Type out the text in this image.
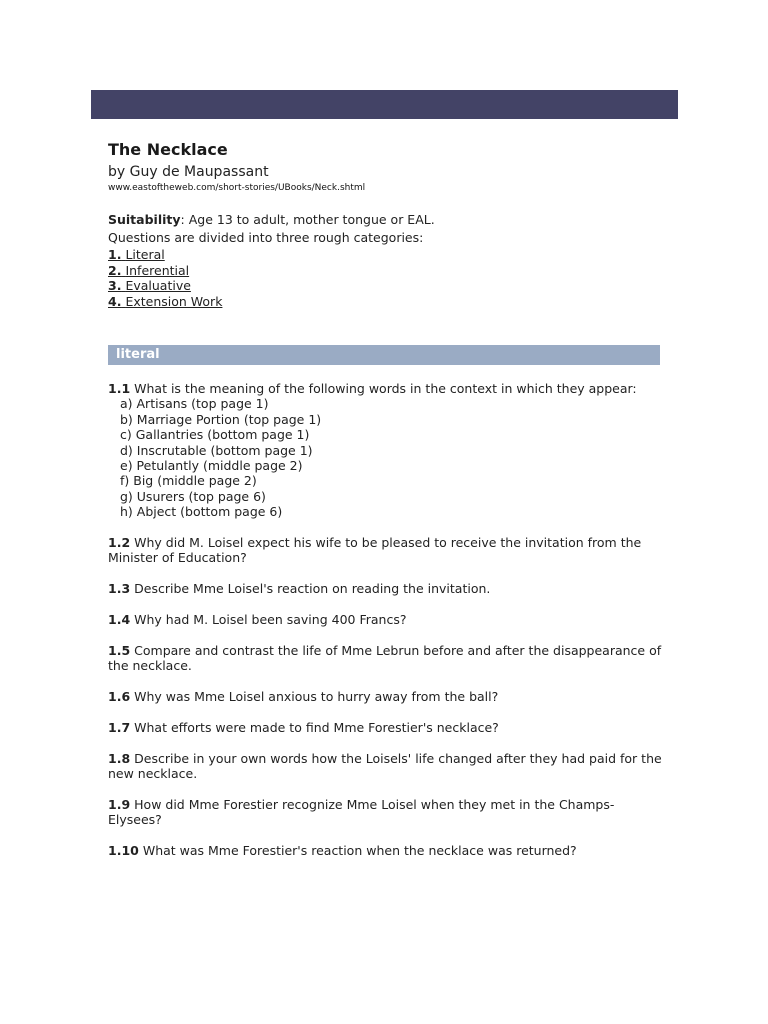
The Necklace
by Guy de Maupassant
www.eastoftheweb.com/short-stories/UBooks/Neck.shtml
Suitability: Age 13 to adult, mother tongue or EAL.
Questions are divided into three rough categories:
1. Literal
2. Inferential
3. Evaluative
4. Extension Work
literal
1.1 What is the meaning of the following words in the context in which they appear:
a) Artisans (top page 1)
b) Marriage Portion (top page 1)
c) Gallantries (bottom page 1)
d) Inscrutable (bottom page 1)
e) Petulantly (middle page 2)
f) Big (middle page 2)
g) Usurers (top page 6)
h) Abject (bottom page 6)
1.2 Why did M. Loisel expect his wife to be pleased to receive the invitation from the Minister of Education?
1.3 Describe Mme Loisel's reaction on reading the invitation.
1.4 Why had M. Loisel been saving 400 Francs?
1.5 Compare and contrast the life of Mme Lebrun before and after the disappearance of the necklace.
1.6 Why was Mme Loisel anxious to hurry away from the ball?
1.7 What efforts were made to find Mme Forestier's necklace?
1.8 Describe in your own words how the Loisels' life changed after they had paid for the new necklace.
1.9 How did Mme Forestier recognize Mme Loisel when they met in the Champs-Elysees?
1.10 What was Mme Forestier's reaction when the necklace was returned?
